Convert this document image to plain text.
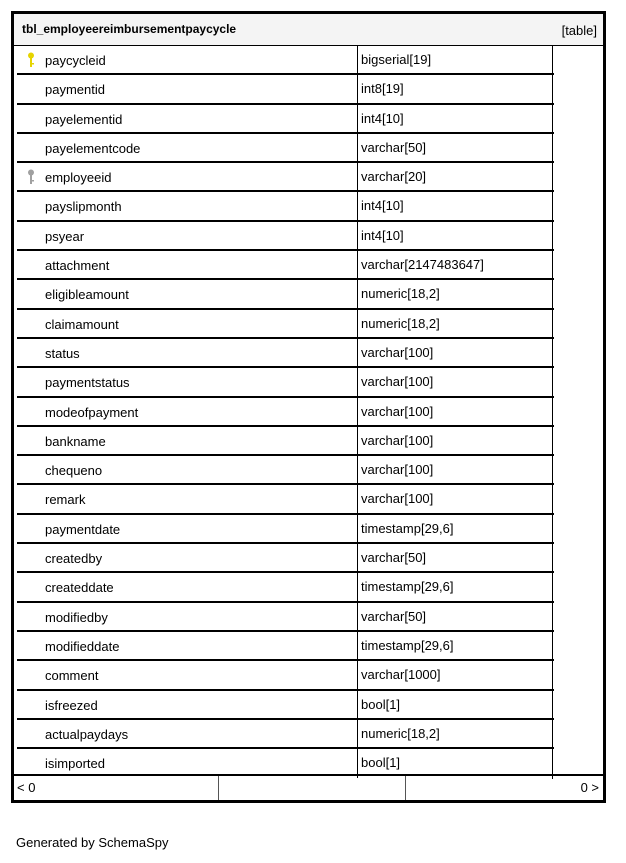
tbl_employeereimbursementpaycycle	[table]
paycycleid	bigserial[19]
paymentid	int8[19]
payelementid	int4[10]
payelementcode	varchar[50]
employeeid	varchar[20]
payslipmonth	int4[10]
psyear	int4[10]
attachment	varchar[2147483647]
eligibleamount	numeric[18,2]
claimamount	numeric[18,2]
status	varchar[100]
paymentstatus	varchar[100]
modeofpayment	varchar[100]
bankname	varchar[100]
chequeno	varchar[100]
remark	varchar[100]
paymentdate	timestamp[29,6]
createdby	varchar[50]
createddate	timestamp[29,6]
modifiedby	varchar[50]
modifieddate	timestamp[29,6]
comment	varchar[1000]
isfreezed	bool[1]
actualpaydays	numeric[18,2]
isimported	bool[1]
< 0	0 >
Generated by SchemaSpy
